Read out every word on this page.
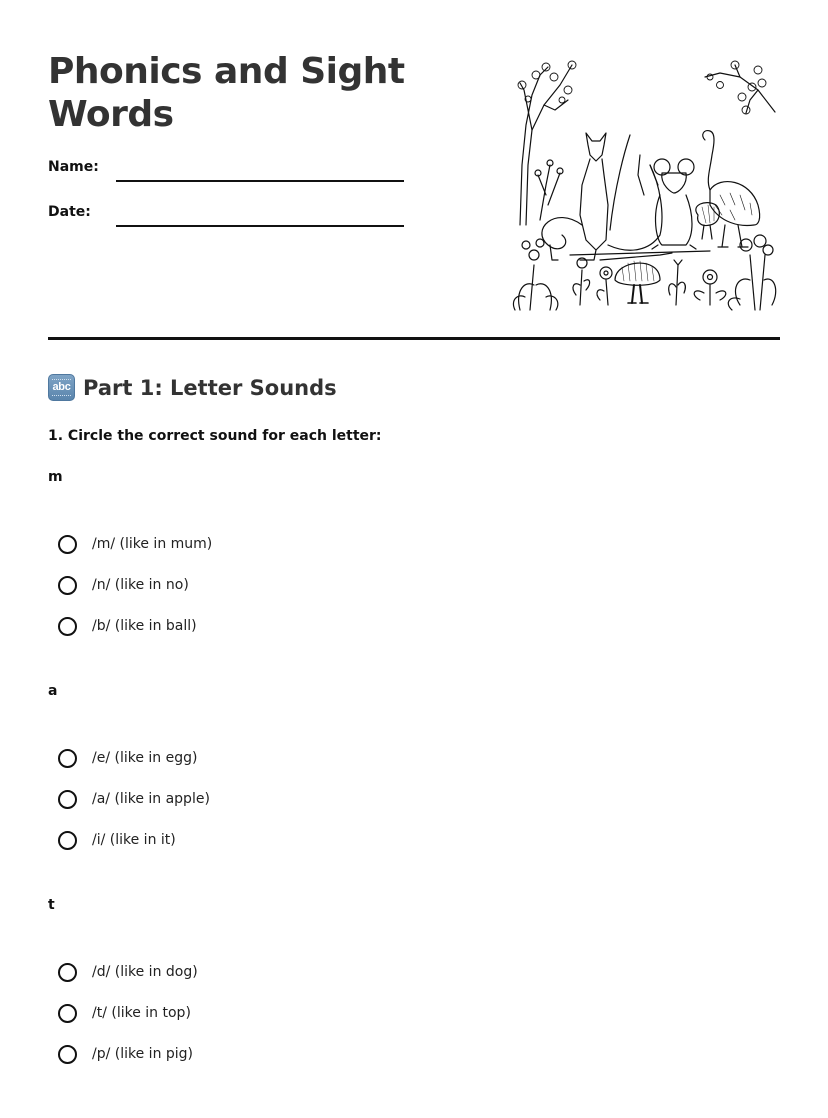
Phonics and Sight
Words
Name:
Date:
abc Part 1: Letter Sounds
1. Circle the correct sound for each letter:
m
/m/ (like in mum)
/n/ (like in no)
/b/ (like in ball)
a
/e/ (like in egg)
/a/ (like in apple)
/i/ (like in it)
t
/d/ (like in dog)
/t/ (like in top)
/p/ (like in pig)
